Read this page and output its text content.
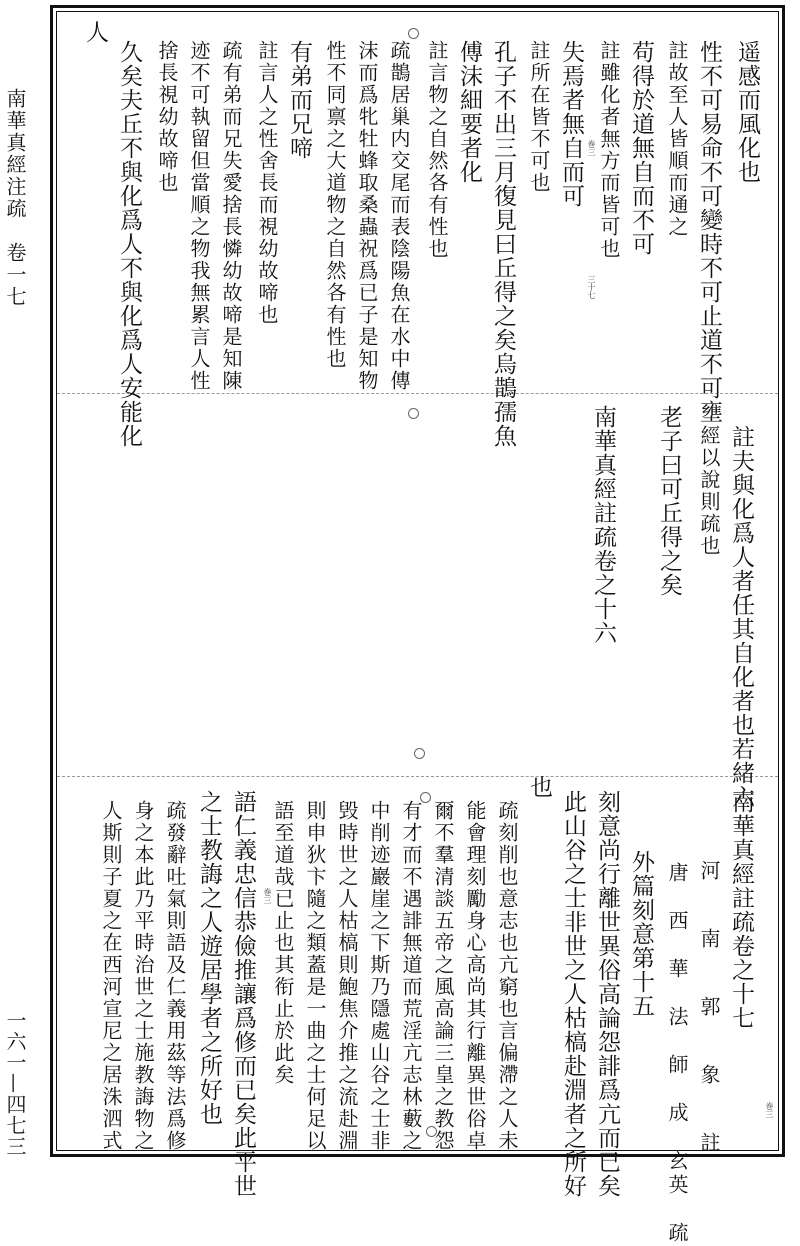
南華真經注疏　卷一七
一六一—四七三
遥感而風化也
性不可易命不可變時不可止道不可壅
註故至人皆順而通之
苟得於道無自而不可
註雖化者無方而皆可也
失焉者無自而可
註所在皆不可也
孔子不出三月復見曰丘得之矣烏鵲孺魚
傅沫細要者化
註言物之自然各有性也
疏鵲居巢内交尾而表陰陽魚在水中傳
沫而爲牝牡蜂取桑蟲祝爲已子是知物
性不同禀之大道物之自然各有性也
有弟而兄啼
註言人之性舍長而視幼故啼也
疏有弟而兄失愛捨長憐幼故啼是知陳
迹不可執留但當順之物我無累言人性
捨長視幼故啼也
久矣夫丘不與化爲人不與化爲人安能化
人
巻三
三十七
註夫與化爲人者任其自化者也若緒六
經以說則疏也
老子曰可丘得之矣
南華真經註疏卷之十六
南華真經註疏卷之十七
河　南　郭　象　註
唐　西　華　法　師　成　玄英　疏
外篇刻意第十五
刻意尚行離世異俗高論怨誹爲亢而已矣
此山谷之士非世之人枯槁赴淵者之所好
也
疏刻削也意志也亢窮也言偏滯之人未
能會理刻勵身心高尚其行離異世俗卓
爾不羣清談五帝之風高論三皇之教怨
有才而不遇誹無道而荒淫亢志林藪之
中削迹巖崖之下斯乃隱處山谷之士非
毁時世之人枯槁則鮑焦介推之流赴淵
則申狄卞隨之類蓋是一曲之士何足以
語至道哉已止也其衔止於此矣
語仁義忠信恭儉推讓爲修而已矣此平世
之士教誨之人遊居學者之所好也
疏發辭吐氣則語及仁義用茲等法爲修
身之本此乃平時治世之士施教誨物之
人斯則子夏之在西河宣尼之居洙泗式	巻三
巻三
